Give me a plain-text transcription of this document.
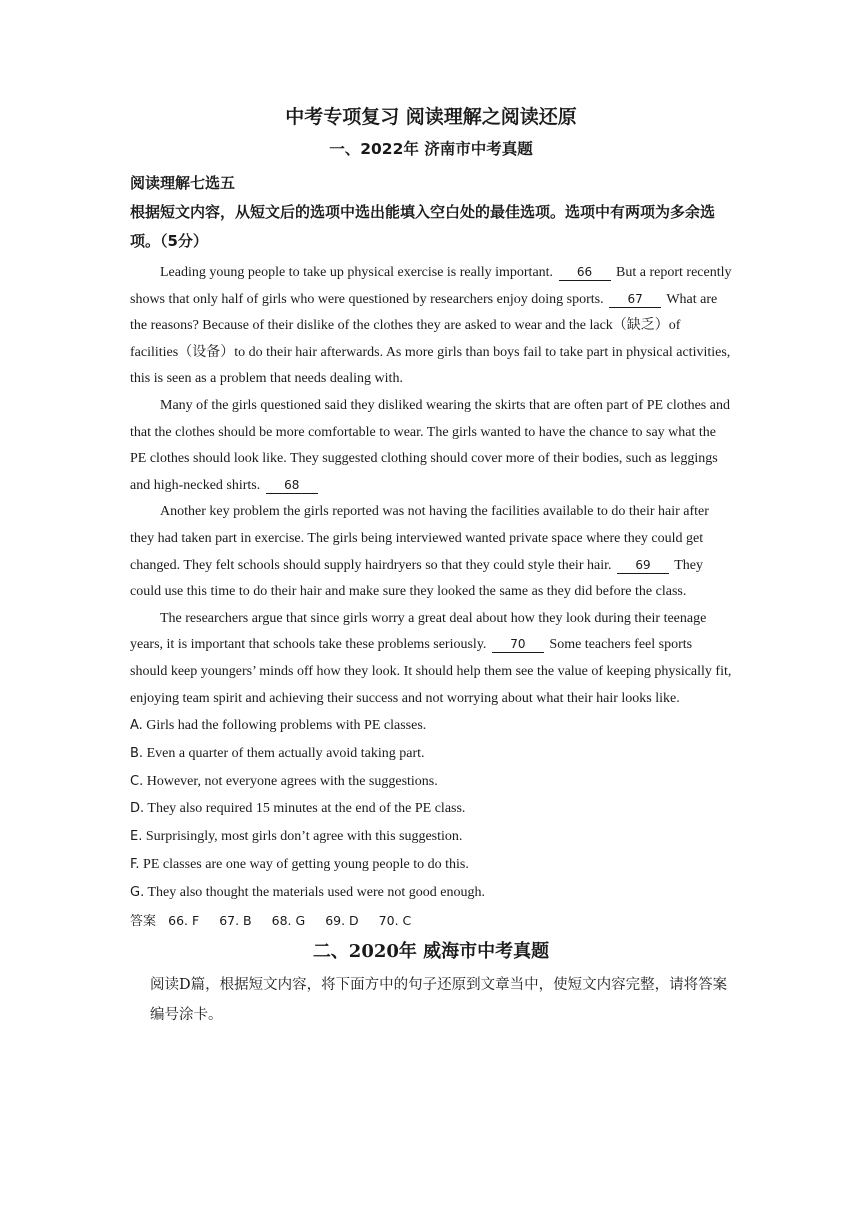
中考专项复习 阅读理解之阅读还原
一、2022年 济南市中考真题
阅读理解七选五

根据短文内容，从短文后的选项中选出能填入空白处的最佳选项。选项中有两项为多余选项。（5分）

Leading young people to take up physical exercise is really important. 66 But a report recently shows that only half of girls who were questioned by researchers enjoy doing sports. 67 What are the reasons? Because of their dislike of the clothes they are asked to wear and the lack（缺乏）of facilities（设备）to do their hair afterwards. As more girls than boys fail to take part in physical activities, this is seen as a problem that needs dealing with.

Many of the girls questioned said they disliked wearing the skirts that are often part of PE clothes and that the clothes should be more comfortable to wear. The girls wanted to have the chance to say what the PE clothes should look like. They suggested clothing should cover more of their bodies, such as leggings and high-necked shirts. 68

Another key problem the girls reported was not having the facilities available to do their hair after they had taken part in exercise. The girls being interviewed wanted private space where they could get changed. They felt schools should supply hairdryers so that they could style their hair. 69 They could use this time to do their hair and make sure they looked the same as they did before the class.

The researchers argue that since girls worry a great deal about how they look during their teenage years, it is important that schools take these problems seriously. 70 Some teachers feel sports should keep youngers’ minds off how they look. It should help them see the value of keeping physically fit, enjoying team spirit and achieving their success and not worrying about what their hair looks like.

A. Girls had the following problems with PE classes.
B. Even a quarter of them actually avoid taking part.
C. However, not everyone agrees with the suggestions.
D. They also required 15 minutes at the end of the PE class.
E. Surprisingly, most girls don’t agree with this suggestion.
F. PE classes are one way of getting young people to do this.
G. They also thought the materials used were not good enough.
答案 66. F 67. B 68. G 69. D 70. C
二、2020年 威海市中考真题

阅读D篇，根据短文内容，将下面方中的句子还原到文章当中，使短文内容完整，请将答案编号涂卡。
